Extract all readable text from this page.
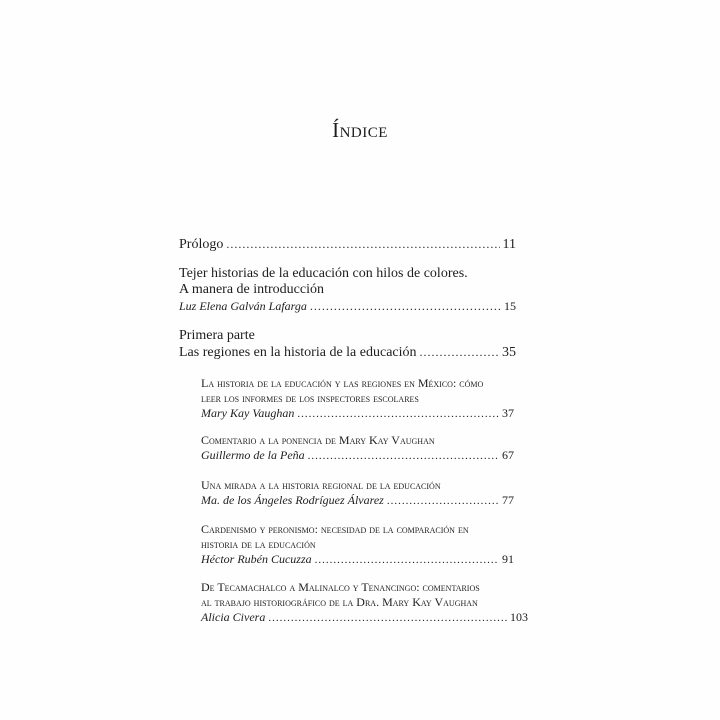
Índice
Prólogo .....	11
Tejer historias de la educación con hilos de colores.
A manera de introducción
Luz Elena Galván Lafarga .....	15
Primera parte
Las regiones en la historia de la educación .....	35
La historia de la educación y las regiones en México: cómo
leer los informes de los inspectores escolares
Mary Kay Vaughan .....	37
Comentario a la ponencia de Mary Kay Vaughan
Guillermo de la Peña .....	67
Una mirada a la historia regional de la educación
Ma. de los Ángeles Rodríguez Álvarez .....	77
Cardenismo y peronismo: necesidad de la comparación en
historia de la educación
Héctor Rubén Cucuzza .....	91
De Tecamachalco a Malinalco y Tenancingo: comentarios
al trabajo historiográfico de la Dra. Mary Kay Vaughan
Alicia Civera .....	103
